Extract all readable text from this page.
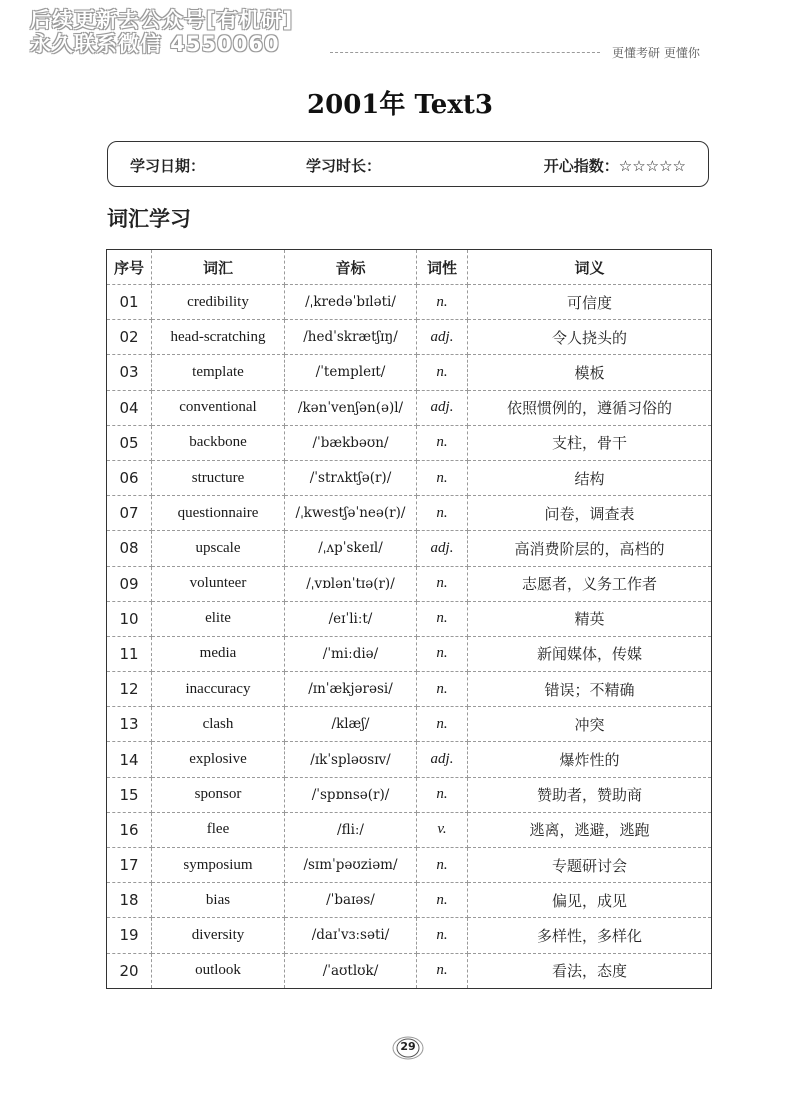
后续更新去公众号[有机研]
永久联系微信 4550060	更懂考研 更懂你
2001年 Text3
学习日期：	学习时长：	开心指数：☆☆☆☆☆
词汇学习
序号	词汇	音标	词性	词义
01	credibility	/ˌkredəˈbɪləti/	n.	可信度
02	head-scratching	/hedˈskrætʃɪŋ/	adj.	令人挠头的
03	template	/ˈtempleɪt/	n.	模板
04	conventional	/kənˈvenʃən(ə)l/	adj.	依照惯例的，遵循习俗的
05	backbone	/ˈbækbəʊn/	n.	支柱，骨干
06	structure	/ˈstrʌktʃə(r)/	n.	结构
07	questionnaire	/ˌkwestʃəˈneə(r)/	n.	问卷，调查表
08	upscale	/ˌʌpˈskeɪl/	adj.	高消费阶层的，高档的
09	volunteer	/ˌvɒlənˈtɪə(r)/	n.	志愿者，义务工作者
10	elite	/eɪˈliːt/	n.	精英
11	media	/ˈmiːdiə/	n.	新闻媒体，传媒
12	inaccuracy	/ɪnˈækjərəsi/	n.	错误；不精确
13	clash	/klæʃ/	n.	冲突
14	explosive	/ɪkˈspləʊsɪv/	adj.	爆炸性的
15	sponsor	/ˈspɒnsə(r)/	n.	赞助者，赞助商
16	flee	/fliː/	v.	逃离，逃避，逃跑
17	symposium	/sɪmˈpəʊziəm/	n.	专题研讨会
18	bias	/ˈbaɪəs/	n.	偏见，成见
19	diversity	/daɪˈvɜːsəti/	n.	多样性，多样化
20	outlook	/ˈaʊtlʊk/	n.	看法，态度
29
